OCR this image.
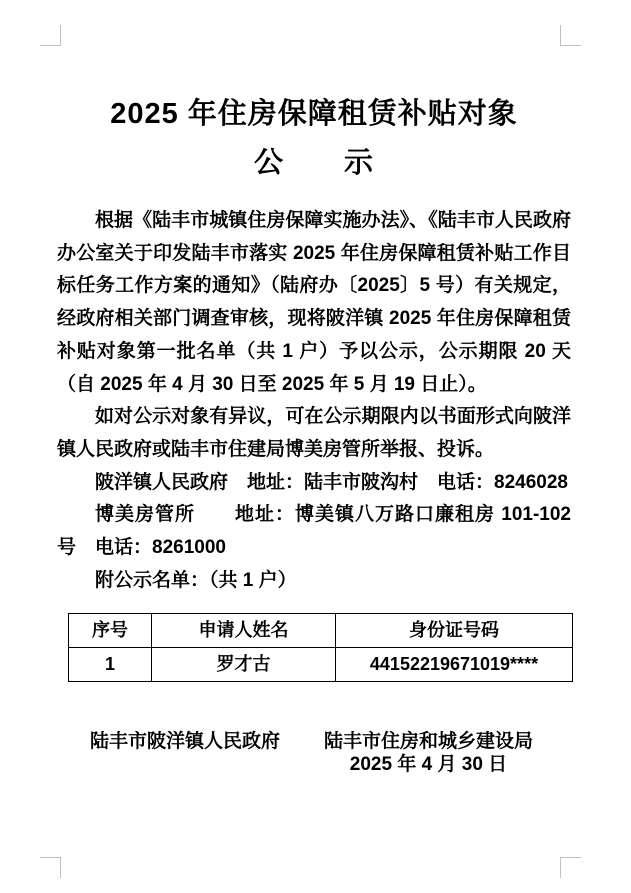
2025 年住房保障租赁补贴对象
公　　示

根据《陆丰市城镇住房保障实施办法》、《陆丰市人民政府办公室关于印发陆丰市落实 2025 年住房保障租赁补贴工作目标任务工作方案的通知》（陆府办〔2025〕5 号）有关规定，经政府相关部门调查审核，现将陂洋镇 2025 年住房保障租赁补贴对象第一批名单（共 1 户）予以公示，公示期限 20 天（自 2025 年 4 月 30 日至 2025 年 5 月 19 日止）。

如对公示对象有异议，可在公示期限内以书面形式向陂洋镇人民政府或陆丰市住建局博美房管所举报、投诉。

陂洋镇人民政府　地址：陆丰市陂沟村　电话：8246028

博美房管所　　地址：博美镇八万路口廉租房 101-102 号　电话：8261000

附公示名单：（共 1 户）

序号	申请人姓名	身份证号码
1	罗才古	44152219671019****
陆丰市陂洋镇人民政府 陆丰市住房和城乡建设局
2025 年 4 月 30 日
